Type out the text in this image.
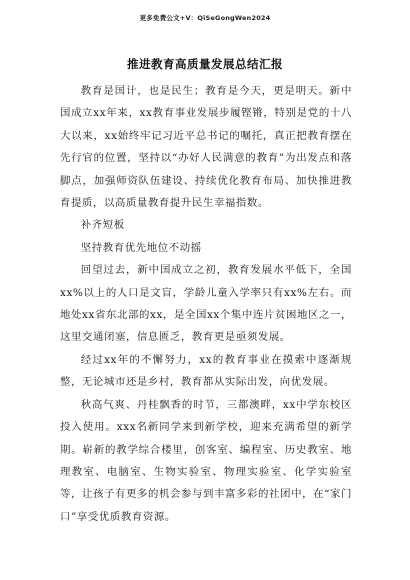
更多免费公文+V：QiSeGongWen2024
推进教育高质量发展总结汇报

教育是国计，也是民生；教育是今天，更是明天。新中国成立xx年来，xx教育事业发展步履铿锵，特别是党的十八大以来，xx始终牢记习近平总书记的嘱托，真正把教育摆在先行官的位置，坚持以“办好人民满意的教育”为出发点和落脚点，加强师资队伍建设、持续优化教育布局、加快推进教育提质，以高质量教育提升民生幸福指数。

补齐短板

坚持教育优先地位不动摇

回望过去，新中国成立之初，教育发展水平低下，全国xx%以上的人口是文盲，学龄儿童入学率只有xx%左右。而地处xx省东北部的xx，是全国xx个集中连片贫困地区之一，这里交通闭塞，信息匮乏，教育更是亟须发展。

经过xx年的不懈努力，xx的教育事业在摸索中逐渐规整，无论城市还是乡村，教育都从实际出发，向优发展。

秋高气爽、丹桂飘香的时节，三都澳畔，xx中学东校区投入使用。xxx名新同学来到新学校，迎来充满希望的新学期。崭新的教学综合楼里，创客室、编程室、历史教室、地理教室、电脑室、生物实验室、物理实验室、化学实验室等，让孩子有更多的机会参与到丰富多彩的社团中，在“家门口”享受优质教育资源。
